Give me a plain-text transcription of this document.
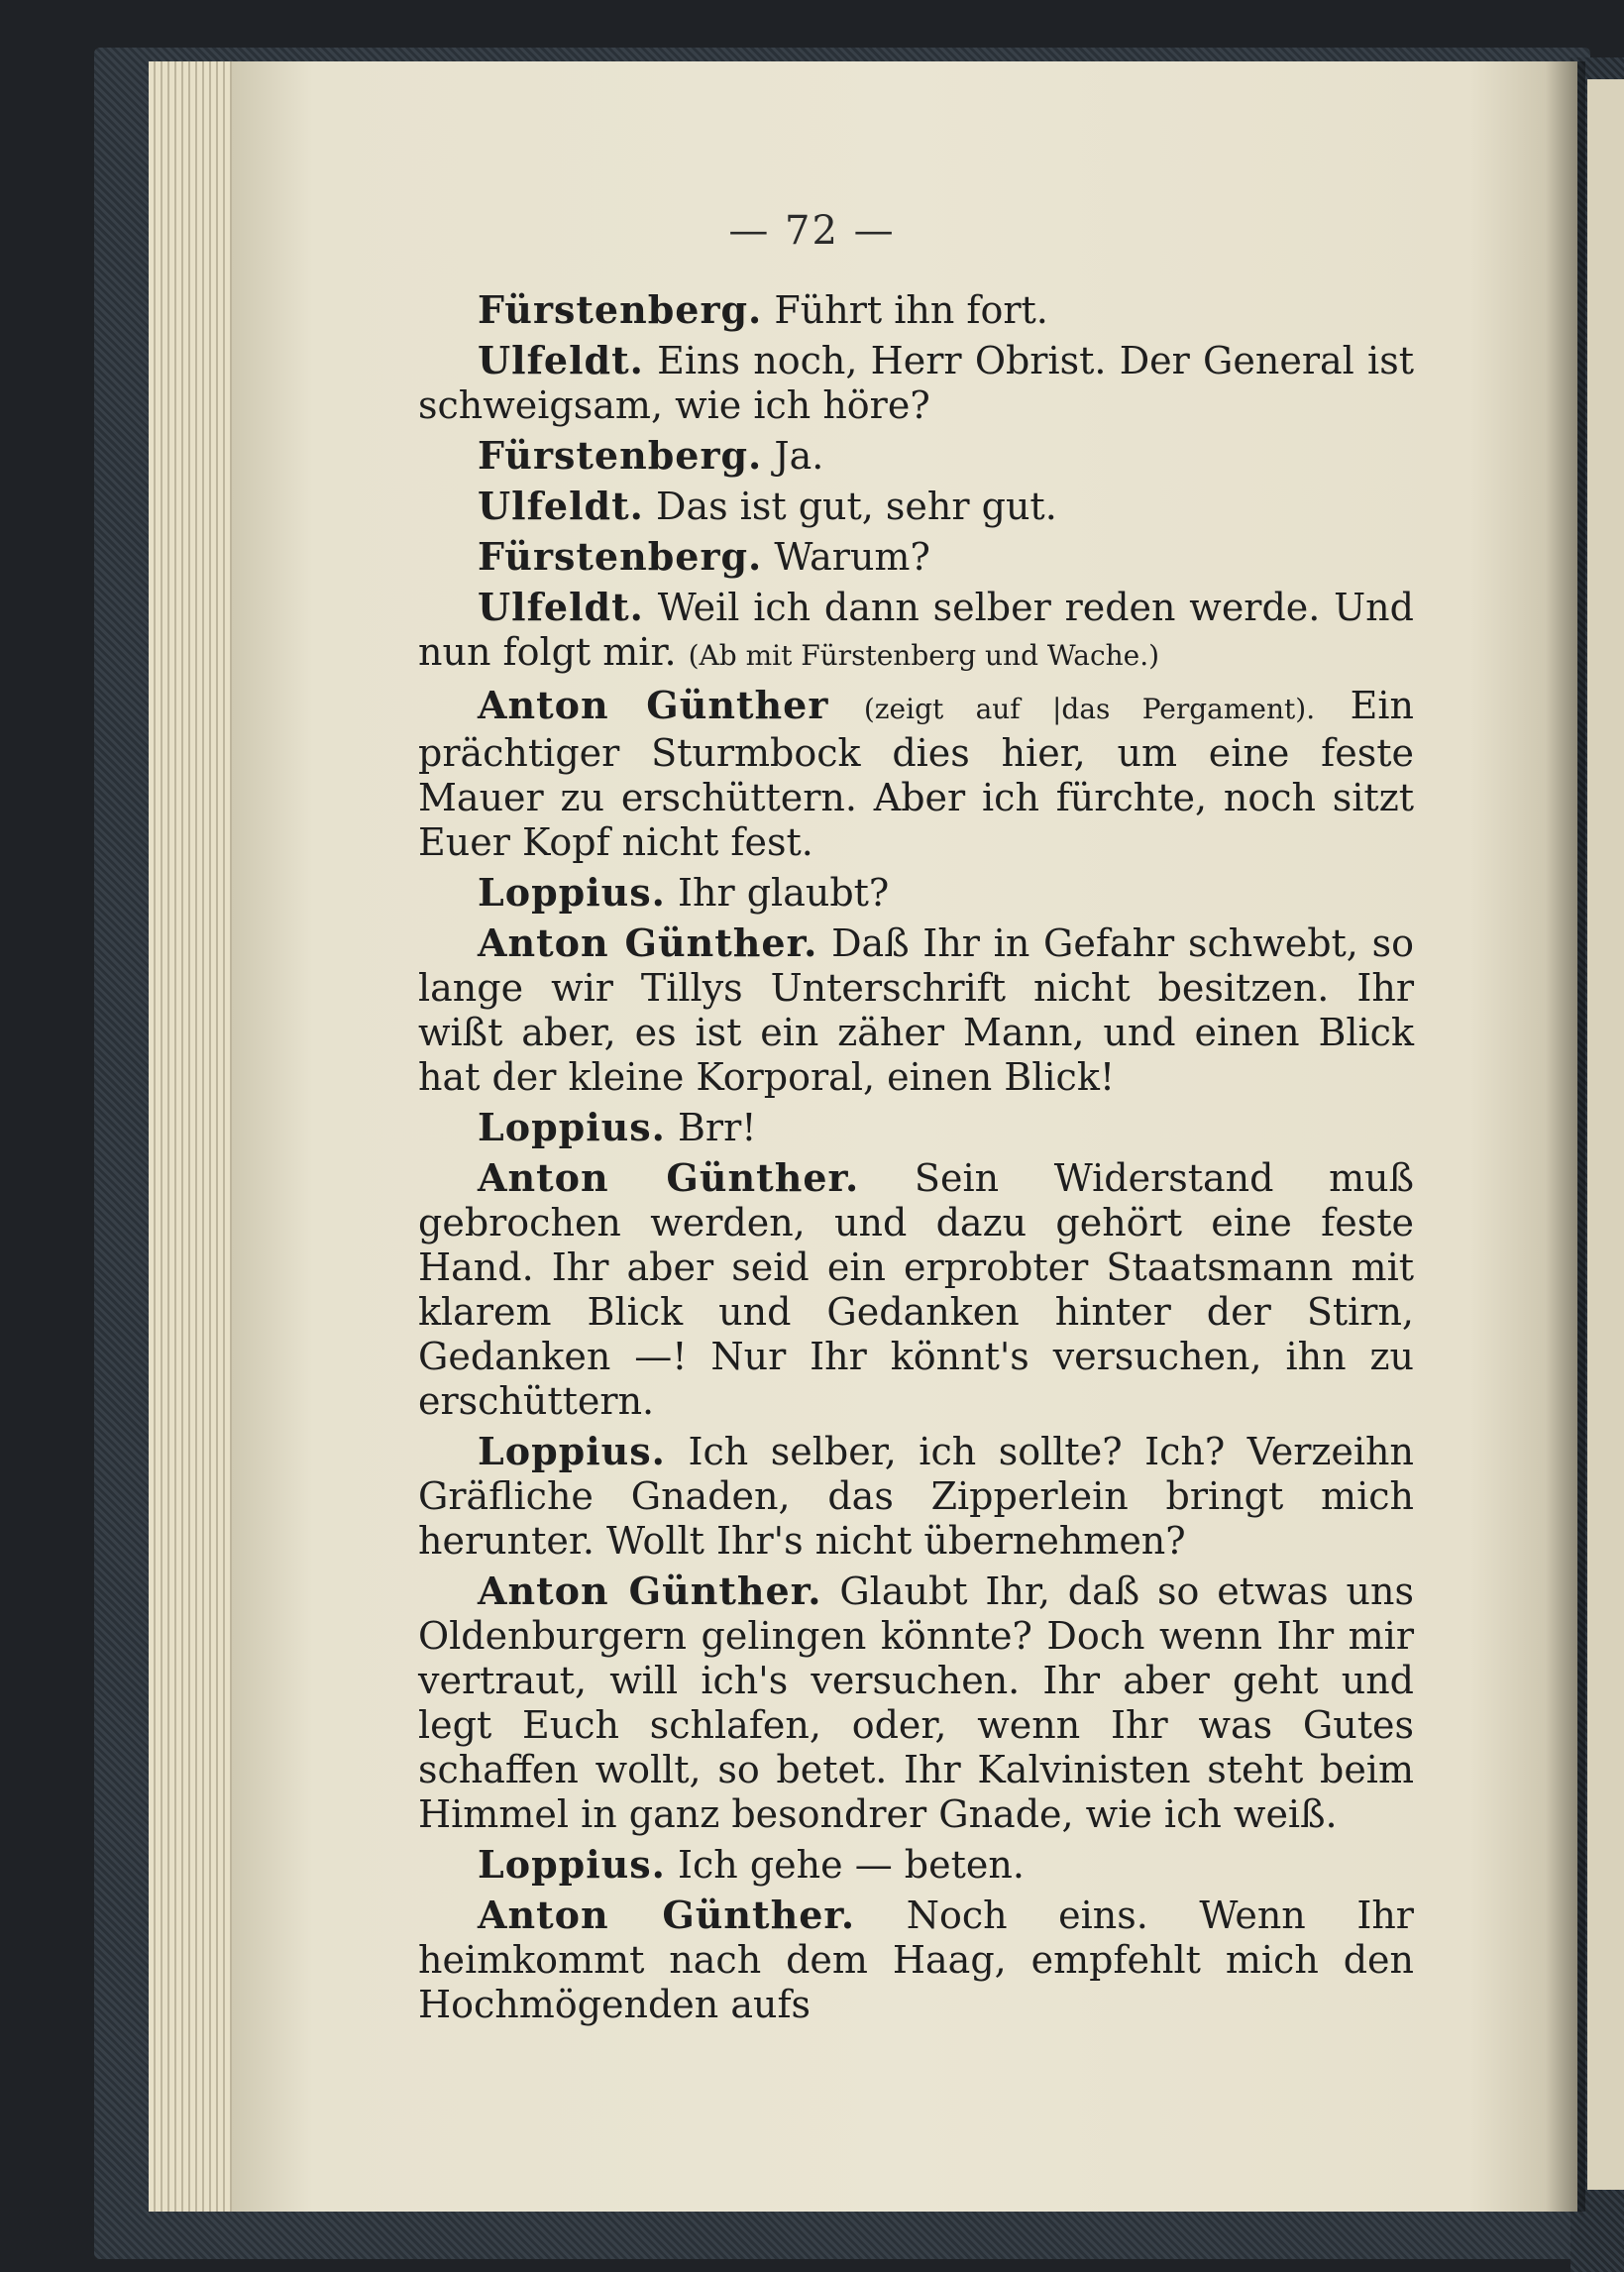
— 72 —

Fürstenberg. Führt ihn fort.

Ulfeldt. Eins noch, Herr Obrist. Der General ist schweigsam, wie ich höre?

Fürstenberg. Ja.

Ulfeldt. Das ist gut, sehr gut.

Fürstenberg. Warum?

Ulfeldt. Weil ich dann selber reden werde. Und nun folgt mir. (Ab mit Fürstenberg und Wache.)

Anton Günther (zeigt auf |das Pergament). Ein prächtiger Sturmbock dies hier, um eine feste Mauer zu erschüttern. Aber ich fürchte, noch sitzt Euer Kopf nicht fest.

Loppius. Ihr glaubt?

Anton Günther. Daß Ihr in Gefahr schwebt, so lange wir Tillys Unterschrift nicht besitzen. Ihr wißt aber, es ist ein zäher Mann, und einen Blick hat der kleine Korporal, einen Blick!

Loppius. Brr!

Anton Günther. Sein Widerstand muß gebrochen werden, und dazu gehört eine feste Hand. Ihr aber seid ein erprobter Staatsmann mit klarem Blick und Gedanken hinter der Stirn, Gedanken —! Nur Ihr könnt's versuchen, ihn zu erschüttern.

Loppius. Ich selber, ich sollte? Ich? Verzeihn Gräfliche Gnaden, das Zipperlein bringt mich herunter. Wollt Ihr's nicht übernehmen?

Anton Günther. Glaubt Ihr, daß so etwas uns Oldenburgern gelingen könnte? Doch wenn Ihr mir vertraut, will ich's versuchen. Ihr aber geht und legt Euch schlafen, oder, wenn Ihr was Gutes schaffen wollt, so betet. Ihr Kalvinisten steht beim Himmel in ganz besondrer Gnade, wie ich weiß.

Loppius. Ich gehe — beten.

Anton Günther. Noch eins. Wenn Ihr heimkommt nach dem Haag, empfehlt mich den Hochmögenden aufs
